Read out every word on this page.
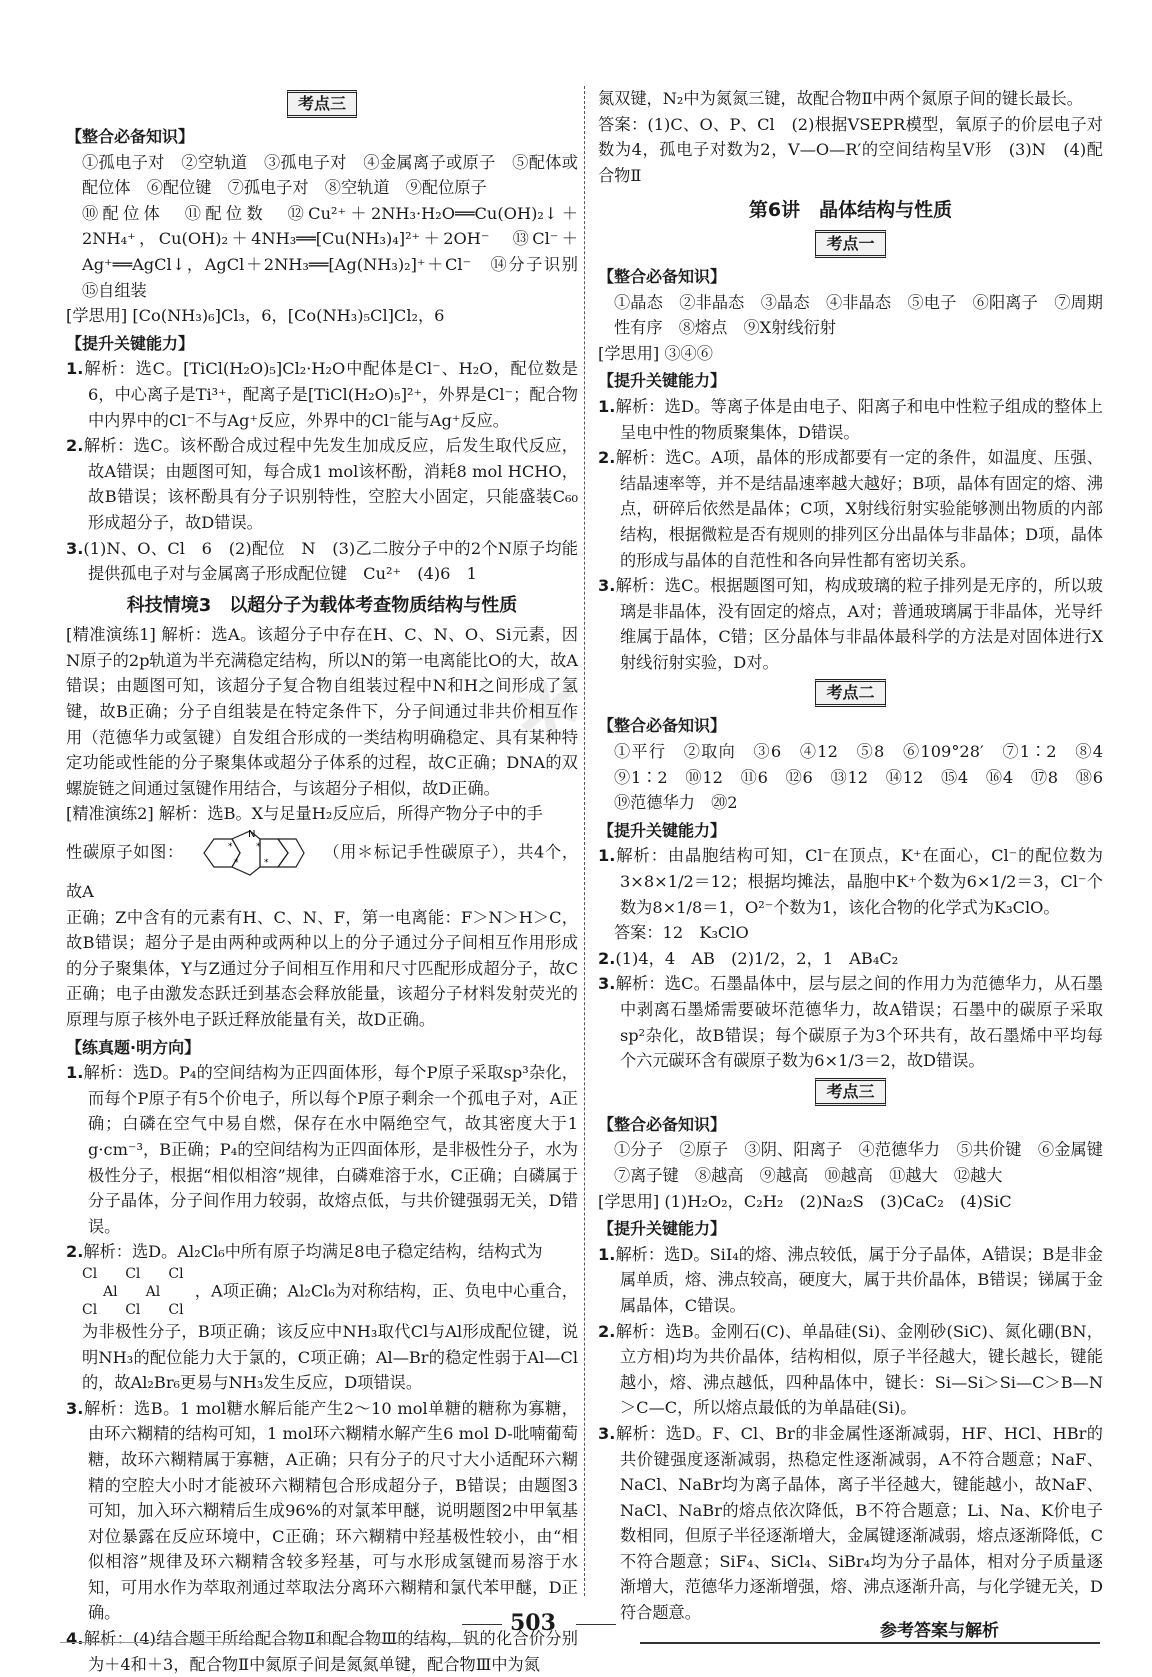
*
考点三
【整合必备知识】

①孤电子对　②空轨道　③孤电子对　④金属离子或原子　⑤配体或配位体　⑥配位键　⑦孤电子对　⑧空轨道　⑨配位原子

⑩配位体　⑪配位数　⑫Cu²⁺＋2NH₃·H₂O══Cu(OH)₂↓＋2NH₄⁺，Cu(OH)₂＋4NH₃══[Cu(NH₃)₄]²⁺＋2OH⁻　⑬Cl⁻＋Ag⁺══AgCl↓，AgCl＋2NH₃══[Ag(NH₃)₂]⁺＋Cl⁻　⑭分子识别　⑮自组装

[学思用] [Co(NH₃)₆]Cl₃，6，[Co(NH₃)₅Cl]Cl₂，6

【提升关键能力】

1.解析：选C。[TiCl(H₂O)₅]Cl₂·H₂O中配体是Cl⁻、H₂O，配位数是6，中心离子是Ti³⁺，配离子是[TiCl(H₂O)₅]²⁺，外界是Cl⁻；配合物中内界中的Cl⁻不与Ag⁺反应，外界中的Cl⁻能与Ag⁺反应。

2.解析：选C。该杯酚合成过程中先发生加成反应，后发生取代反应，故A错误；由题图可知，每合成1 mol该杯酚，消耗8 mol HCHO，故B错误；该杯酚具有分子识别特性，空腔大小固定，只能盛装C₆₀形成超分子，故D错误。

3.(1)N、O、Cl　6　(2)配位　N　(3)乙二胺分子中的2个N原子均能提供孤电子对与金属离子形成配位键　Cu²⁺　(4)6　1

科技情境3　以超分子为载体考查物质结构与性质

[精准演练1] 解析：选A。该超分子中存在H、C、N、O、Si元素，因N原子的2p轨道为半充满稳定结构，所以N的第一电离能比O的大，故A错误；由题图可知，该超分子复合物自组装过程中N和H之间形成了氢键，故B正确；分子自组装是在特定条件下，分子间通过非共价相互作用（范德华力或氢键）自发组合形成的一类结构明确稳定、具有某种特定功能或性能的分子聚集体或超分子体系的过程，故C正确；DNA的双螺旋链之间通过氢键作用结合，与该超分子相似，故D正确。

[精准演练2] 解析：选B。X与足量H₂反应后，所得产物分子中的手

性碳原子如图：
N
*
*
*
*
（用＊标记手性碳原子），共4个，故A

正确；Z中含有的元素有H、C、N、F，第一电离能：F＞N＞H＞C，故B错误；超分子是由两种或两种以上的分子通过分子间相互作用形成的分子聚集体，Y与Z通过分子间相互作用和尺寸匹配形成超分子，故C正确；电子由激发态跃迁到基态会释放能量，该超分子材料发射荧光的原理与原子核外电子跃迁释放能量有关，故D正确。

【练真题·明方向】

1.解析：选D。P₄的空间结构为正四面体形，每个P原子采取sp³杂化，而每个P原子有5个价电子，所以每个P原子剩余一个孤电子对，A正确；白磷在空气中易自燃，保存在水中隔绝空气，故其密度大于1 g·cm⁻³，B正确；P₄的空间结构为正四面体形，是非极性分子，水为极性分子，根据“相似相溶”规律，白磷难溶于水，C正确；白磷属于分子晶体，分子间作用力较弱，故熔点低，与共价键强弱无关，D错误。

2.解析：选D。Al₂Cl₆中所有原子均满足8电子稳定结构，结构式为

Cl   Cl   Cl
  Al   Al
Cl   Cl   Cl ，A项正确；Al₂Cl₆为对称结构，正、负电中心重合，为非极性分子，B项正确；该反应中NH₃取代Cl与Al形成配位键，说明NH₃的配位能力大于氯的，C项正确；Al—Br的稳定性弱于Al—Cl的，故Al₂Br₆更易与NH₃发生反应，D项错误。

3.解析：选B。1 mol糖水解后能产生2～10 mol单糖的糖称为寡糖，由环六糊精的结构可知，1 mol环六糊精水解产生6 mol D-吡喃葡萄糖，故环六糊精属于寡糖，A正确；只有分子的尺寸大小适配环六糊精的空腔大小时才能被环六糊精包合形成超分子，B错误；由题图3可知，加入环六糊精后生成96%的对氯苯甲醚，说明题图2中甲氧基对位暴露在反应环境中，C正确；环六糊精中羟基极性较小，由“相似相溶”规律及环六糊精含较多羟基，可与水形成氢键而易溶于水知，可用水作为萃取剂通过萃取法分离环六糊精和氯代苯甲醚，D正确。

4.解析：(4)结合题干所给配合物Ⅱ和配合物Ⅲ的结构，钒的化合价分别为＋4和＋3，配合物Ⅱ中氮原子间是氮氮单键，配合物Ⅲ中为氮

氮双键，N₂中为氮氮三键，故配合物Ⅱ中两个氮原子间的键长最长。

答案：(1)C、O、P、Cl　(2)根据VSEPR模型，氧原子的价层电子对数为4，孤电子对数为2，V—O—R′的空间结构呈V形　(3)N　(4)配合物Ⅱ

第6讲　晶体结构与性质
考点一
【整合必备知识】

①晶态　②非晶态　③晶态　④非晶态　⑤电子　⑥阳离子　⑦周期性有序　⑧熔点　⑨X射线衍射

[学思用] ③④⑥

【提升关键能力】

1.解析：选D。等离子体是由电子、阳离子和电中性粒子组成的整体上呈电中性的物质聚集体，D错误。

2.解析：选C。A项，晶体的形成都要有一定的条件，如温度、压强、结晶速率等，并不是结晶速率越大越好；B项，晶体有固定的熔、沸点，研碎后依然是晶体；C项，X射线衍射实验能够测出物质的内部结构，根据微粒是否有规则的排列区分出晶体与非晶体；D项，晶体的形成与晶体的自范性和各向异性都有密切关系。

3.解析：选C。根据题图可知，构成玻璃的粒子排列是无序的，所以玻璃是非晶体，没有固定的熔点，A对；普通玻璃属于非晶体，光导纤维属于晶体，C错；区分晶体与非晶体最科学的方法是对固体进行X射线衍射实验，D对。

考点二
【整合必备知识】

①平行　②取向　③6　④12　⑤8　⑥109°28′　⑦1∶2　⑧4　⑨1∶2　⑩12　⑪6　⑫6　⑬12　⑭12　⑮4　⑯4　⑰8　⑱6　⑲范德华力　⑳2

【提升关键能力】

1.解析：由晶胞结构可知，Cl⁻在顶点，K⁺在面心，Cl⁻的配位数为3×8×1/2＝12；根据均摊法，晶胞中K⁺个数为6×1/2＝3，Cl⁻个数为8×1/8＝1，O²⁻个数为1，该化合物的化学式为K₃ClO。

答案：12　K₃ClO

2.(1)4，4　AB　(2)1/2，2，1　AB₄C₂

3.解析：选C。石墨晶体中，层与层之间的作用力为范德华力，从石墨中剥离石墨烯需要破坏范德华力，故A错误；石墨中的碳原子采取sp²杂化，故B错误；每个碳原子为3个环共有，故石墨烯中平均每个六元碳环含有碳原子数为6×1/3＝2，故D错误。

考点三
【整合必备知识】

①分子　②原子　③阴、阳离子　④范德华力　⑤共价键　⑥金属键　⑦离子键　⑧越高　⑨越高　⑩越高　⑪越大　⑫越大

[学思用] (1)H₂O₂，C₂H₂　(2)Na₂S　(3)CaC₂　(4)SiC

【提升关键能力】

1.解析：选D。SiI₄的熔、沸点较低，属于分子晶体，A错误；B是非金属单质，熔、沸点较高，硬度大，属于共价晶体，B错误；锑属于金属晶体，C错误。

2.解析：选B。金刚石(C)、单晶硅(Si)、金刚砂(SiC)、氮化硼(BN，立方相)均为共价晶体，结构相似，原子半径越大，键长越长，键能越小，熔、沸点越低，四种晶体中，键长：Si—Si＞Si—C＞B—N＞C—C，所以熔点最低的为单晶硅(Si)。

3.解析：选D。F、Cl、Br的非金属性逐渐减弱，HF、HCl、HBr的共价键强度逐渐减弱，热稳定性逐渐减弱，A不符合题意；NaF、NaCl、NaBr均为离子晶体，离子半径越大，键能越小，故NaF、NaCl、NaBr的熔点依次降低，B不符合题意；Li、Na、K价电子数相同，但原子半径逐渐增大，金属键逐渐减弱，熔点逐渐降低，C不符合题意；SiF₄、SiCl₄、SiBr₄均为分子晶体，相对分子质量逐渐增大，范德华力逐渐增强，熔、沸点逐渐升高，与化学键无关，D符合题意。

503	参考答案与解析
